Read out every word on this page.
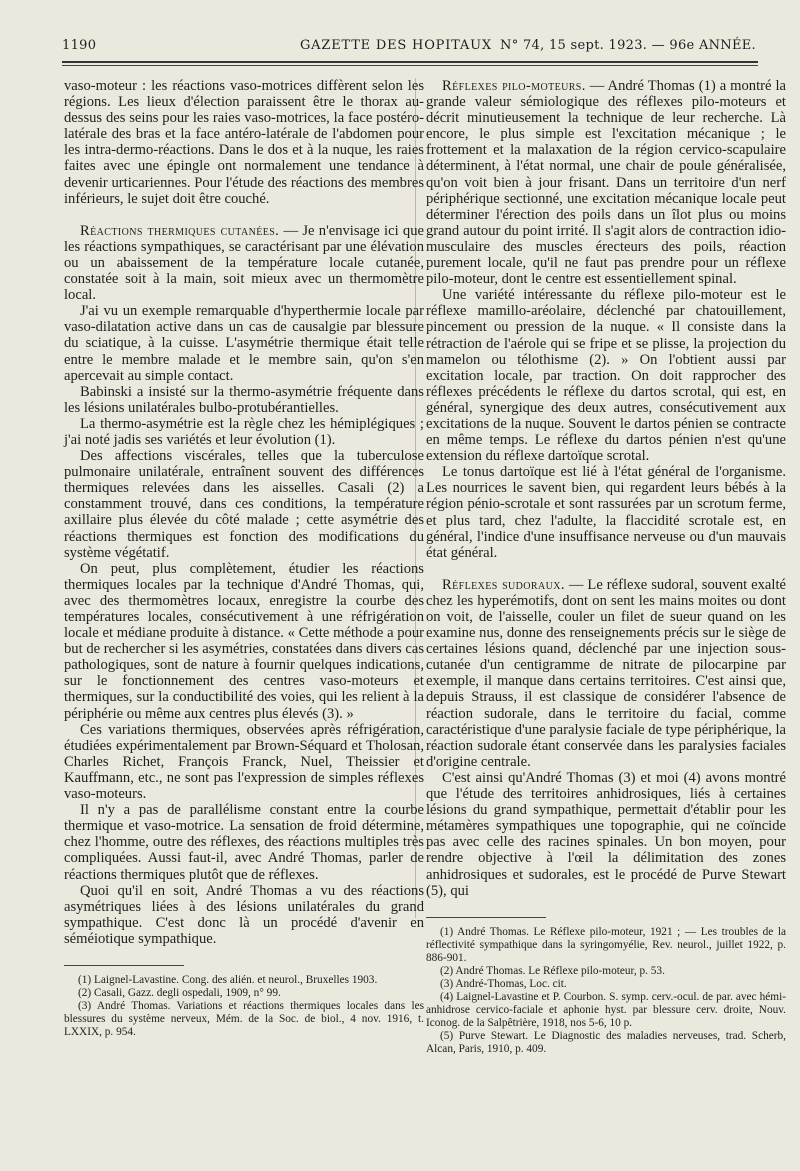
1190	GAZETTE DES HOPITAUX N° 74, 15 sept. 1923. — 96e ANNÉE.

vaso-moteur : les réactions vaso-motrices diffèrent selon les régions. Les lieux d'élection paraissent être le thorax au-dessus des seins pour les raies vaso-motrices, la face postéro-latérale des bras et la face antéro-latérale de l'abdomen pour les intra-dermo-réactions. Dans le dos et à la nuque, les raies faites avec une épingle ont normalement une tendance à devenir urticariennes. Pour l'étude des réactions des membres inférieurs, le sujet doit être couché.

Réactions thermiques cutanées. — Je n'envisage ici que les réactions sympathiques, se caractérisant par une élévation ou un abaissement de la température locale cutanée, constatée soit à la main, soit mieux avec un thermomètre local.

J'ai vu un exemple remarquable d'hyperthermie locale par vaso-dilatation active dans un cas de causalgie par blessure du sciatique, à la cuisse. L'asymétrie thermique était telle entre le membre malade et le membre sain, qu'on s'en apercevait au simple contact.

Babinski a insisté sur la thermo-asymétrie fréquente dans les lésions unilatérales bulbo-protubérantielles.

La thermo-asymétrie est la règle chez les hémiplégiques ; j'ai noté jadis ses variétés et leur évolution (1).

Des affections viscérales, telles que la tuberculose pulmonaire unilatérale, entraînent souvent des différences thermiques relevées dans les aisselles. Casali (2) a constamment trouvé, dans ces conditions, la température axillaire plus élevée du côté malade ; cette asymétrie des réactions thermiques est fonction des modifications du système végétatif.

On peut, plus complètement, étudier les réactions thermiques locales par la technique d'André Thomas, qui, avec des thermomètres locaux, enregistre la courbe des températures locales, consécutivement à une réfrigération locale et médiane produite à distance. « Cette méthode a pour but de rechercher si les asymétries, constatées dans divers cas pathologiques, sont de nature à fournir quelques indications, sur le fonctionnement des centres vaso-moteurs et thermiques, sur la conductibilité des voies, qui les relient à la périphérie ou même aux centres plus élevés (3). »

Ces variations thermiques, observées après réfrigération, étudiées expérimentalement par Brown-Séquard et Tholosan, Charles Richet, François Franck, Nuel, Theissier et Kauffmann, etc., ne sont pas l'expression de simples réflexes vaso-moteurs.

Il n'y a pas de parallélisme constant entre la courbe thermique et vaso-motrice. La sensation de froid détermine, chez l'homme, outre des réflexes, des réactions multiples très compliquées. Aussi faut-il, avec André Thomas, parler de réactions thermiques plutôt que de réflexes.

Quoi qu'il en soit, André Thomas a vu des réactions asymétriques liées à des lésions unilatérales du grand sympathique. C'est donc là un procédé d'avenir en séméiotique sympathique.

(1) Laignel-Lavastine. Cong. des alién. et neurol., Bruxelles 1903.

(2) Casali, Gazz. degli ospedali, 1909, n° 99.

(3) André Thomas. Variations et réactions thermiques locales dans les blessures du système nerveux, Mém. de la Soc. de biol., 4 nov. 1916, t. LXXIX, p. 954.

Réflexes pilo-moteurs. — André Thomas (1) a montré la grande valeur sémiologique des réflexes pilo-moteurs et décrit minutieusement la technique de leur recherche. Là encore, le plus simple est l'excitation mécanique ; le frottement et la malaxation de la région cervico-scapulaire déterminent, à l'état normal, une chair de poule généralisée, qu'on voit bien à jour frisant. Dans un territoire d'un nerf périphérique sectionné, une excitation mécanique locale peut déterminer l'érection des poils dans un îlot plus ou moins grand autour du point irrité. Il s'agit alors de contraction idio-musculaire des muscles érecteurs des poils, réaction purement locale, qu'il ne faut pas prendre pour un réflexe pilo-moteur, dont le centre est essentiellement spinal.

Une variété intéressante du réflexe pilo-moteur est le réflexe mamillo-aréolaire, déclenché par chatouillement, pincement ou pression de la nuque. « Il consiste dans la rétraction de l'aérole qui se fripe et se plisse, la projection du mamelon ou télothisme (2). » On l'obtient aussi par excitation locale, par traction. On doit rapprocher des réflexes précédents le réflexe du dartos scrotal, qui est, en général, synergique des deux autres, consécutivement aux excitations de la nuque. Souvent le dartos pénien se contracte en même temps. Le réflexe du dartos pénien n'est qu'une extension du réflexe dartoïque scrotal.

Le tonus dartoïque est lié à l'état général de l'organisme. Les nourrices le savent bien, qui regardent leurs bébés à la région pénio-scrotale et sont rassurées par un scrotum ferme, et plus tard, chez l'adulte, la flaccidité scrotale est, en général, l'indice d'une insuffisance nerveuse ou d'un mauvais état général.

Réflexes sudoraux. — Le réflexe sudoral, souvent exalté chez les hyperémotifs, dont on sent les mains moites ou dont on voit, de l'aisselle, couler un filet de sueur quand on les examine nus, donne des renseignements précis sur le siège de certaines lésions quand, déclenché par une injection sous-cutanée d'un centigramme de nitrate de pilocarpine par exemple, il manque dans certains territoires. C'est ainsi que, depuis Strauss, il est classique de considérer l'absence de réaction sudorale, dans le territoire du facial, comme caractéristique d'une paralysie faciale de type périphérique, la réaction sudorale étant conservée dans les paralysies faciales d'origine centrale.

C'est ainsi qu'André Thomas (3) et moi (4) avons montré que l'étude des territoires anhidrosiques, liés à certaines lésions du grand sympathique, permettait d'établir pour les métamères sympathiques une topographie, qui ne coïncide pas avec celle des racines spinales. Un bon moyen, pour rendre objective à l'œil la délimitation des zones anhidrosiques et sudorales, est le procédé de Purve Stewart (5), qui

(1) André Thomas. Le Réflexe pilo-moteur, 1921 ; — Les troubles de la réflectivité sympathique dans la syringomyélie, Rev. neurol., juillet 1922, p. 886-901.

(2) André Thomas. Le Réflexe pilo-moteur, p. 53.

(3) André-Thomas, Loc. cit.

(4) Laignel-Lavastine et P. Courbon. S. symp. cerv.-ocul. de par. avec hémi-anhidrose cervico-faciale et aphonie hyst. par blessure cerv. droite, Nouv. Iconog. de la Salpêtrière, 1918, nos 5-6, 10 p.

(5) Purve Stewart. Le Diagnostic des maladies nerveuses, trad. Scherb, Alcan, Paris, 1910, p. 409.
